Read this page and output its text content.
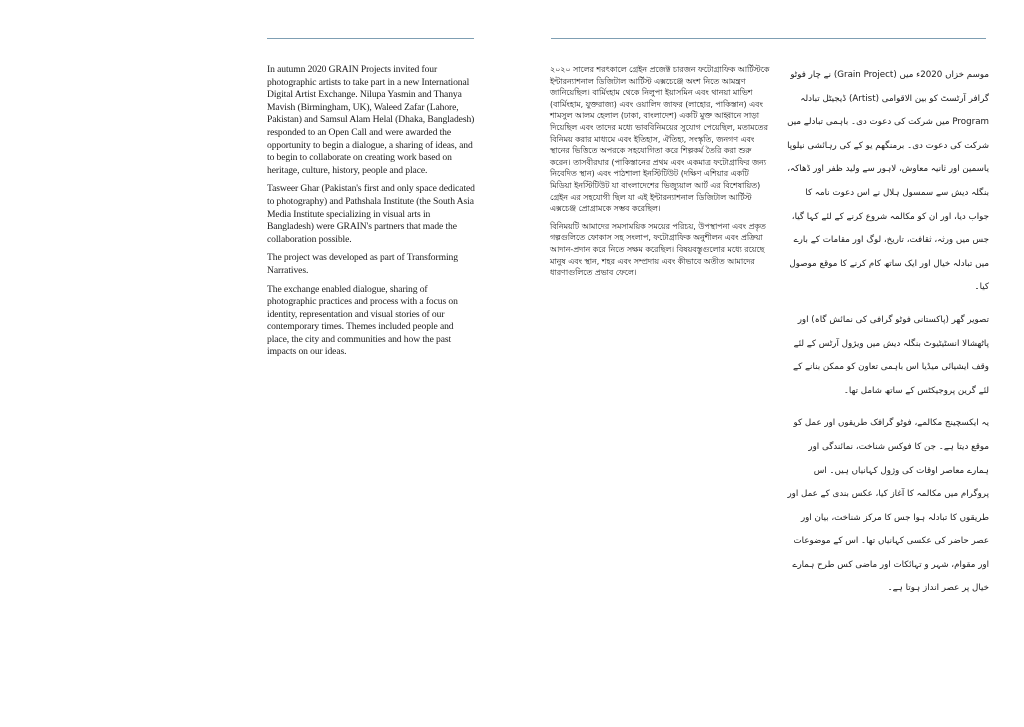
In autumn 2020 GRAIN Projects invited four photographic artists to take part in a new International Digital Artist Exchange. Nilupa Yasmin and Thanya Mavish (Birmingham, UK), Waleed Zafar (Lahore, Pakistan) and Samsul Alam Helal (Dhaka, Bangladesh) responded to an Open Call and were awarded the opportunity to begin a dialogue, a sharing of ideas, and to begin to collaborate on creating work based on heritage, culture, history, people and place.

Tasweer Ghar (Pakistan's first and only space dedicated to photography) and Pathshala Institute (the South Asia Media Institute specializing in visual arts in Bangladesh) were GRAIN's partners that made the collaboration possible.

The project was developed as part of Transforming Narratives.

The exchange enabled dialogue, sharing of photographic practices and process with a focus on identity, representation and visual stories of our contemporary times. Themes included people and place, the city and communities and how the past impacts on our ideas.

২০২০ সালের শরৎকালে গ্রেইন প্রজেক্ট চারজন ফটোগ্রাফিক আর্টিস্টকে ইন্টারন্যাশনাল ডিজিটাল আর্টিস্ট এক্সচেঞ্জে অংশ নিতে আমন্ত্রণ জানিয়েছিল। বার্মিংহাম থেকে নিলুপা ইয়াসমিন এবং থানয়া মাভিশ (বার্মিংহাম, যুক্তরাজ্য) এবং ওয়ালিদ জাফর (লাহোর, পাকিস্তান) এবং শামসুল আলম হেলাল (ঢাকা, বাংলাদেশ) একটি মুক্ত আহ্বানে সাড়া দিয়েছিল এবং তাদের মধ্যে ভাববিনিময়ের সুযোগ পেয়েছিল, মতামতের বিনিময় করার মাধ্যমে এবং ইতিহাস, ঐতিহ্য, সংস্কৃতি, জনগণ এবং স্থানের ভিত্তিতে অপরকে সহযোগিতা করে শিল্পকর্ম তৈরি করা শুরু করেন। তাসবীরঘার (পাকিস্তানের প্রথম এবং একমাত্র ফটোগ্রাফির জন্য নিবেদিত স্থান) এবং পাঠশালা ইনস্টিটিউট (দক্ষিণ এশিয়ার একটি মিডিয়া ইনস্টিটিউট যা বাংলাদেশের ভিজ্যুয়াল আর্ট এর বিশেষায়িত) গ্রেইন এর সহযোগী ছিল যা এই ইন্টারন্যাশনাল ডিজিটাল আর্টিস্ট এক্সচেঞ্জ প্রোগ্রামকে সম্ভব করেছিল।

বিনিময়টি আমাদের সমসাময়িক সময়ের পরিচয়, উপস্থাপনা এবং প্রকৃত গল্পগুলিতে ফোকাস সহ সংলাপ, ফটোগ্রাফিক অনুশীলন এবং প্রক্রিয়া আদান-প্রদান করে নিতে সক্ষম করেছিল। বিষয়বস্তুগুলোর মধ্যে রয়েছে মানুষ এবং স্থান, শহর এবং সম্প্রদায় এবং কীভাবে অতীত আমাদের ধারণাগুলিতে প্রভাব ফেলে।

موسم خزاں 2020ء میں (Grain Project) نے چار فوٹو گرافر آرٹسٹ کو بین الاقوامی (Artist) ڈیجیٹل تبادلہ Program میں شرکت کی دعوت دی۔ باہمی تبادلے میں شرکت کی دعوت دی۔ برمنگھم یو کے کی رہائشی نیلوپا یاسمین اور ثانیہ معاوش، لاہور سے ولید ظفر اور ڈھاکہ، بنگلہ دیش سے سمسول ہلال نے اس دعوت نامہ کا جواب دیا، اور ان کو مکالمہ شروع کرنے کے لئے کہا گیا، جس میں ورثہ، ثقافت، تاریخ، لوگ اور مقامات کے بارے میں تبادلہ خیال اور ایک ساتھ کام کرنے کا موقع موصول کیا۔

تصویر گھر (پاکستانی فوٹو گرافی کی نمائش گاہ) اور پاٹھشالا انسٹیٹیوٹ بنگلہ دیش میں ویژول آرٹس کے لئے وقف ایشیائی میڈیا اس باہمی تعاون کو ممکن بنانے کے لئے گرین پروجیکٹس کے ساتھ شامل تھا۔

یہ ایکسچینج مکالمے، فوٹو گرافک طریقوں اور عمل کو موقع دیتا ہے۔ جن کا فوکس شناخت، نمائندگی اور ہمارے معاصر اوقات کی وژول کہانیاں ہیں۔ اس پروگرام میں مکالمہ کا آغاز کیا، عکس بندی کے عمل اور طریقوں کا تبادلہ ہوا جس کا مرکز شناخت، بیان اور عصر حاضر کی عکسی کہانیاں تھا۔ اس کے موضوعات اور مقوام، شہر و تہائکات اور ماضی کس طرح ہمارے خیال پر عصر انداز ہوتا ہے۔
